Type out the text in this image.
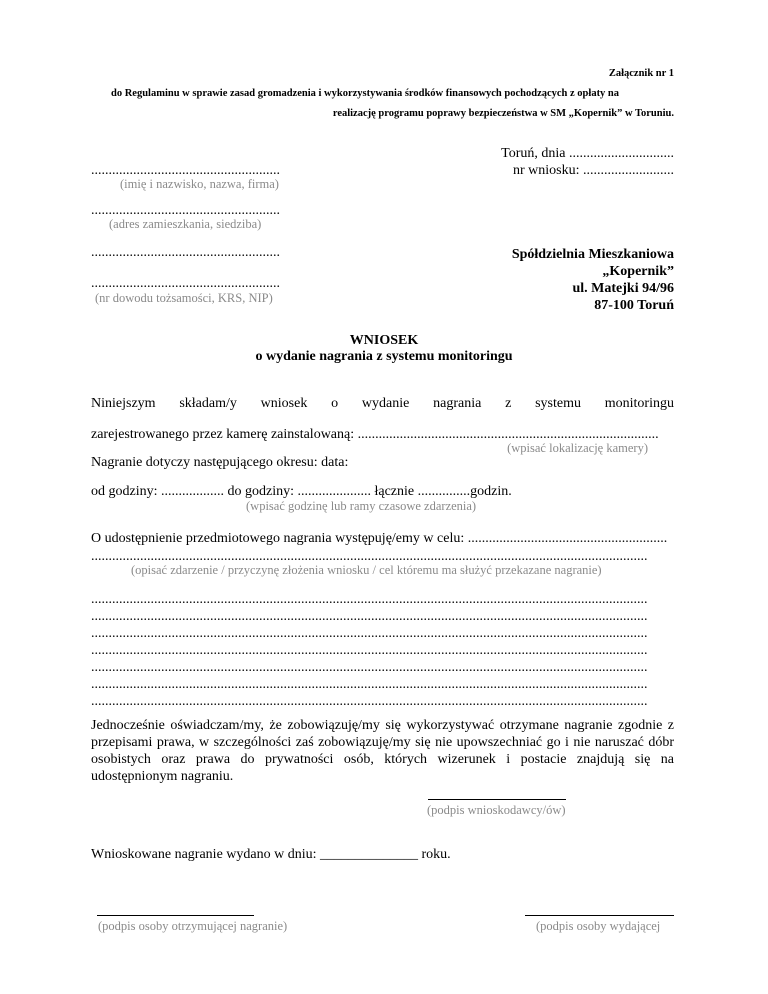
Załącznik nr 1
do Regulaminu w sprawie zasad gromadzenia i wykorzystywania środków finansowych pochodzących z opłaty na
realizację programu poprawy bezpieczeństwa w SM „Kopernik” w Toruniu.
Toruń, dnia ..............................
nr wniosku: ..........................
......................................................
(imię i nazwisko, nazwa, firma)
......................................................
(adres zamieszkania, siedziba)
......................................................
......................................................
(nr dowodu tożsamości, KRS, NIP)
Spółdzielnia Mieszkaniowa
„Kopernik”
ul. Matejki 94/96
87-100 Toruń
WNIOSEK
o wydanie nagrania z systemu monitoringu
Niniejszym składam/y wniosek o wydanie nagrania z systemu monitoringu
zarejestrowanego przez kamerę zainstalowaną: ......................................................................................
(wpisać lokalizację kamery)
Nagranie dotyczy następującego okresu: data:
od godziny: .................. do godziny: ..................... łącznie ...............godzin.
(wpisać godzinę lub ramy czasowe zdarzenia)
O udostępnienie przedmiotowego nagrania występuję/emy w celu: .........................................................
...............................................................................................................................................................
(opisać zdarzenie / przyczynę złożenia wniosku / cel któremu ma służyć przekazane nagranie)
...............................................................................................................................................................
...............................................................................................................................................................
...............................................................................................................................................................
...............................................................................................................................................................
...............................................................................................................................................................
...............................................................................................................................................................
...............................................................................................................................................................
Jednocześnie oświadczam/my, że zobowiązuję/my się wykorzystywać otrzymane nagranie zgodnie z przepisami prawa, w szczególności zaś zobowiązuję/my się nie upowszechniać go i nie naruszać dóbr osobistych oraz prawa do prywatności osób, których wizerunek i postacie znajdują się na udostępnionym nagraniu.
(podpis wnioskodawcy/ów)
Wnioskowane nagranie wydano w dniu: ______________ roku.
(podpis osoby otrzymującej nagranie)	(podpis osoby wydającej
